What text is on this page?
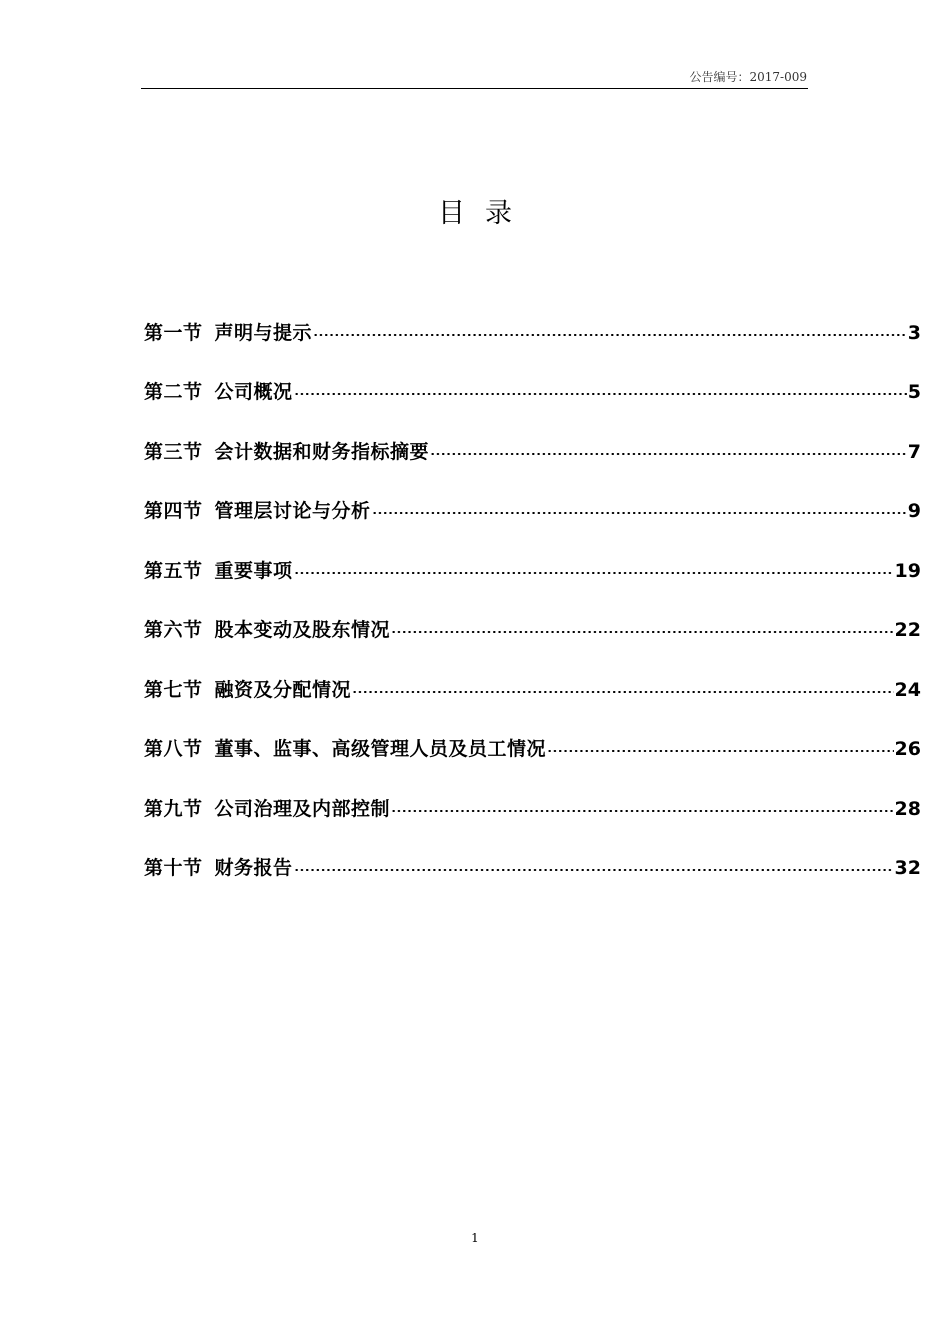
公告编号：2017-009
目录
第一节 声明与提示	3
第二节 公司概况	5
第三节 会计数据和财务指标摘要	7
第四节 管理层讨论与分析	9
第五节 重要事项	19
第六节 股本变动及股东情况	22
第七节 融资及分配情况	24
第八节 董事、监事、高级管理人员及员工情况	26
第九节 公司治理及内部控制	28
第十节 财务报告	32
1
